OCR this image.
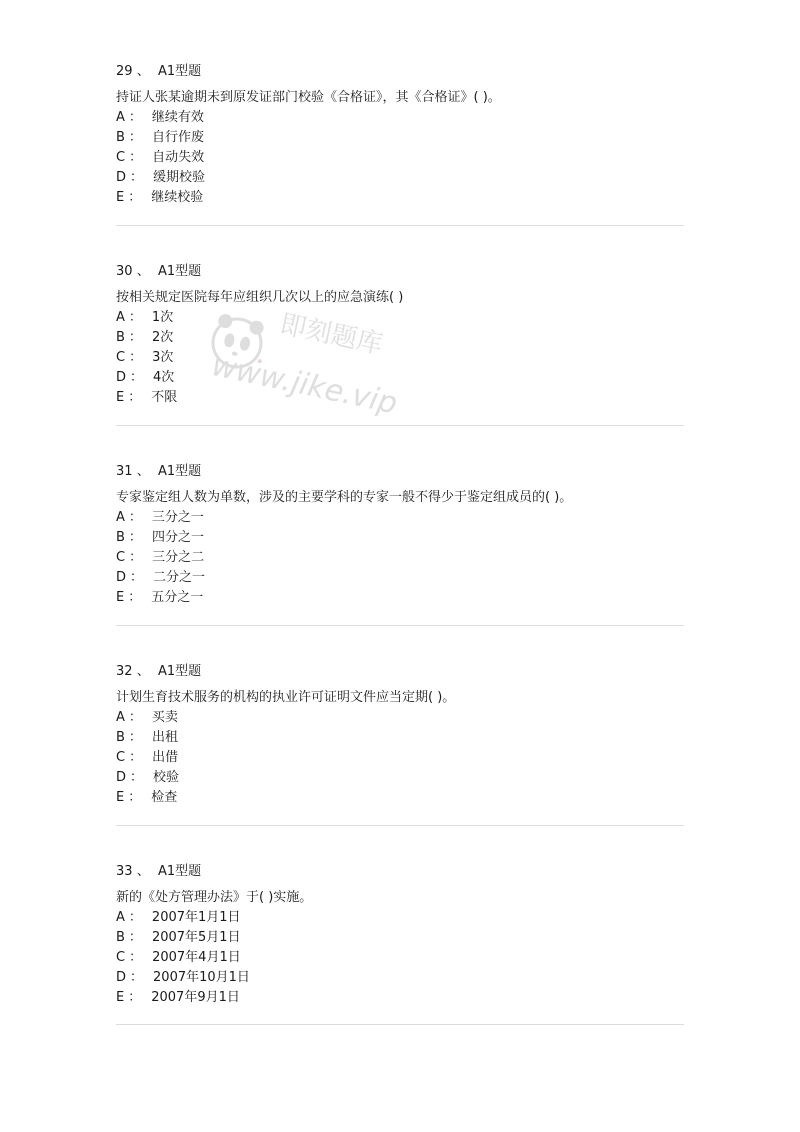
29 、 A1型题
持证人张某逾期未到原发证部门校验《合格证》，其《合格证》( )。
A ： 继续有效
B ： 自行作废
C ： 自动失效
D ： 缓期校验
E ： 继续校验
30 、 A1型题
按相关规定医院每年应组织几次以上的应急演练( )
A ： 1次
B ： 2次
C ： 3次
D ： 4次
E ： 不限
31 、 A1型题
专家鉴定组人数为单数，涉及的主要学科的专家一般不得少于鉴定组成员的( )。
A ： 三分之一
B ： 四分之一
C ： 三分之二
D ： 二分之一
E ： 五分之一
32 、 A1型题
计划生育技术服务的机构的执业许可证明文件应当定期( )。
A ： 买卖
B ： 出租
C ： 出借
D ： 校验
E ： 检查
33 、 A1型题
新的《处方管理办法》于( )实施。
A ： 2007年1月1日
B ： 2007年5月1日
C ： 2007年4月1日
D ： 2007年10月1日
E ： 2007年9月1日
即刻题库
www.jike.vip
